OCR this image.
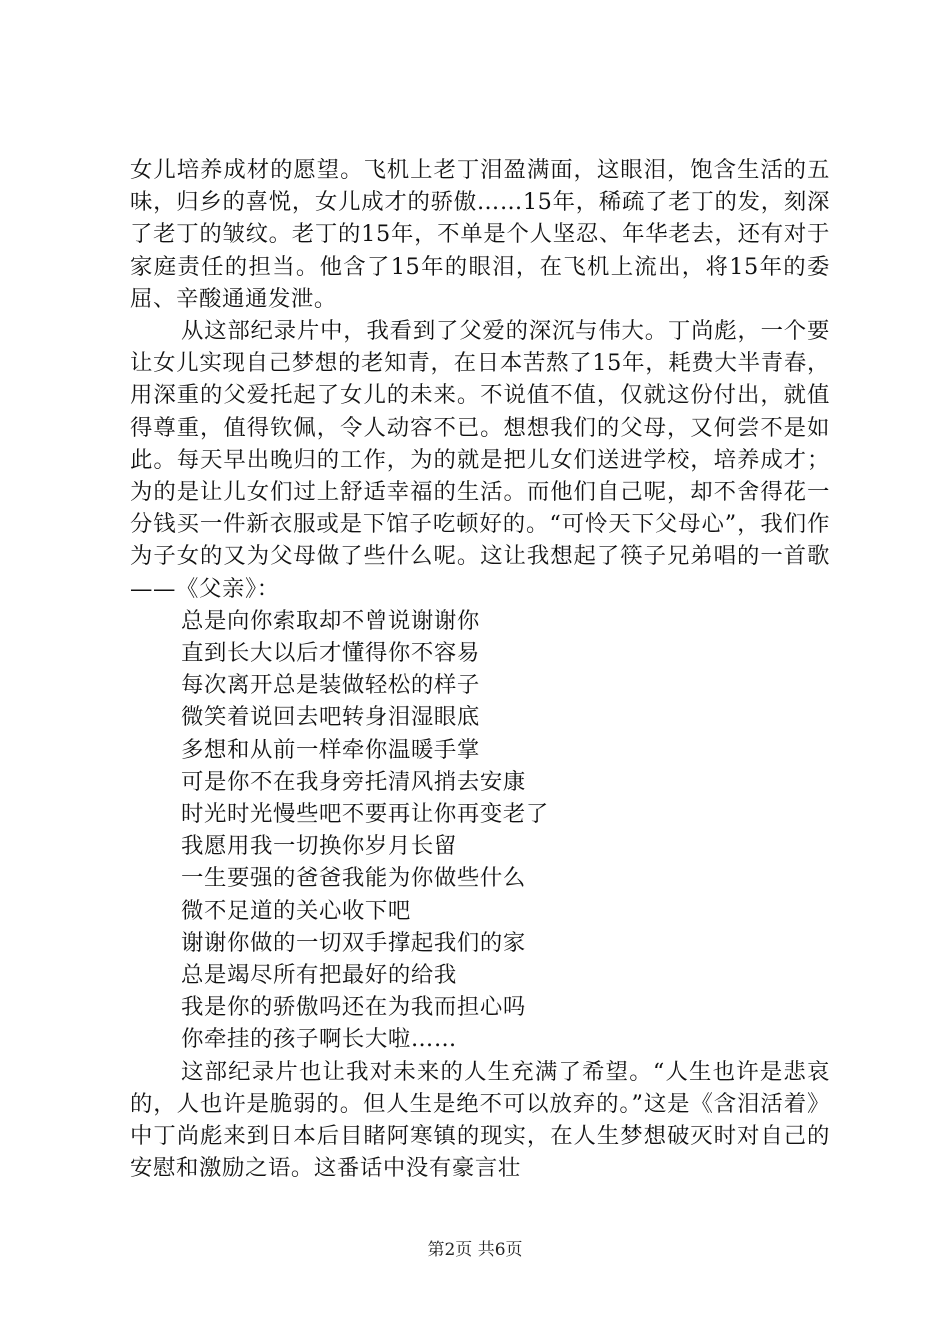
女儿培养成材的愿望。飞机上老丁泪盈满面，这眼泪，饱含生活的五味，归乡的喜悦，女儿成才的骄傲……15年，稀疏了老丁的发，刻深了老丁的皱纹。老丁的15年，不单是个人坚忍、年华老去，还有对于家庭责任的担当。他含了15年的眼泪，在飞机上流出，将15年的委屈、辛酸通通发泄。

从这部纪录片中，我看到了父爱的深沉与伟大。丁尚彪，一个要让女儿实现自己梦想的老知青，在日本苦熬了15年，耗费大半青春，用深重的父爱托起了女儿的未来。不说值不值，仅就这份付出，就值得尊重，值得钦佩，令人动容不已。想想我们的父母，又何尝不是如此。每天早出晚归的工作，为的就是把儿女们送进学校，培养成才；为的是让儿女们过上舒适幸福的生活。而他们自己呢，却不舍得花一分钱买一件新衣服或是下馆子吃顿好的。“可怜天下父母心”，我们作为子女的又为父母做了些什么呢。这让我想起了筷子兄弟唱的一首歌——《父亲》：

总是向你索取却不曾说谢谢你
直到长大以后才懂得你不容易
每次离开总是装做轻松的样子
微笑着说回去吧转身泪湿眼底
多想和从前一样牵你温暖手掌
可是你不在我身旁托清风捎去安康
时光时光慢些吧不要再让你再变老了
我愿用我一切换你岁月长留
一生要强的爸爸我能为你做些什么
微不足道的关心收下吧
谢谢你做的一切双手撑起我们的家
总是竭尽所有把最好的给我
我是你的骄傲吗还在为我而担心吗
你牵挂的孩子啊长大啦……

这部纪录片也让我对未来的人生充满了希望。“人生也许是悲哀的，人也许是脆弱的。但人生是绝不可以放弃的。”这是《含泪活着》中丁尚彪来到日本后目睹阿寒镇的现实，在人生梦想破灭时对自己的安慰和激励之语。这番话中没有豪言壮

第2页 共6页
